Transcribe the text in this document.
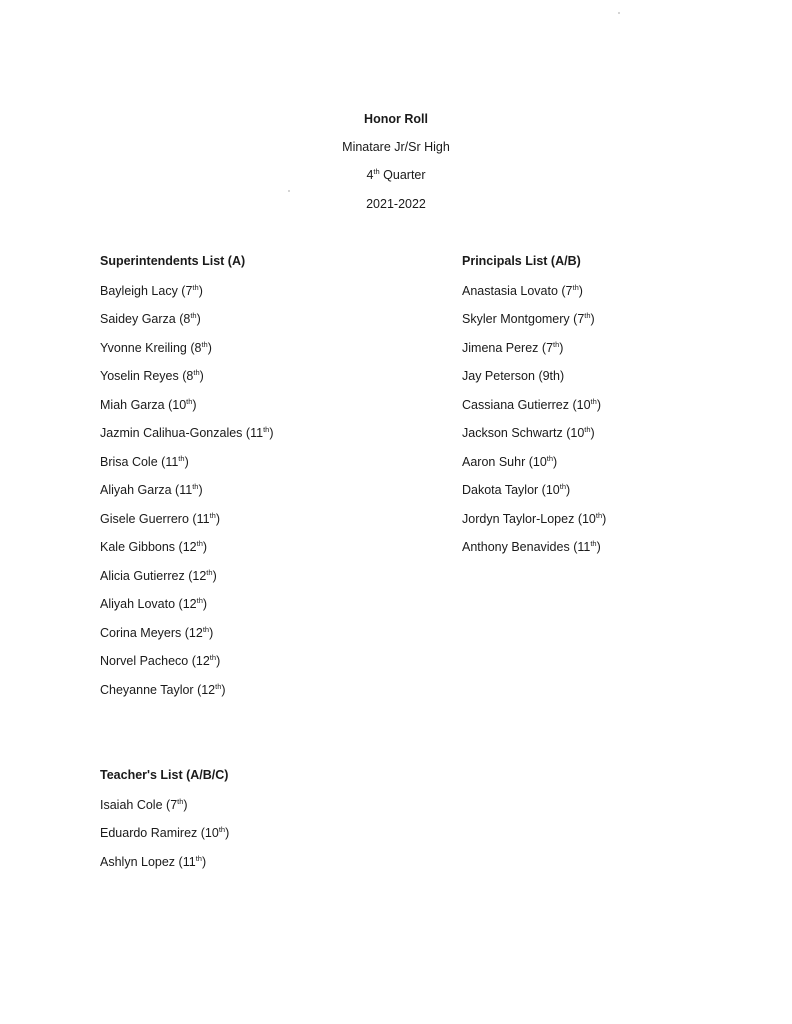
Honor Roll
Minatare Jr/Sr High
4th Quarter
2021-2022
Superintendents List (A)
Bayleigh Lacy (7th)
Saidey Garza (8th)
Yvonne Kreiling (8th)
Yoselin Reyes (8th)
Miah Garza (10th)
Jazmin Calihua-Gonzales (11th)
Brisa Cole (11th)
Aliyah Garza (11th)
Gisele Guerrero (11th)
Kale Gibbons (12th)
Alicia Gutierrez (12th)
Aliyah Lovato (12th)
Corina Meyers (12th)
Norvel Pacheco (12th)
Cheyanne Taylor (12th)
Principals List (A/B)
Anastasia Lovato (7th)
Skyler Montgomery (7th)
Jimena Perez (7th)
Jay Peterson (9th)
Cassiana Gutierrez (10th)
Jackson Schwartz (10th)
Aaron Suhr (10th)
Dakota Taylor (10th)
Jordyn Taylor-Lopez (10th)
Anthony Benavides (11th)
Teacher's List (A/B/C)
Isaiah Cole (7th)
Eduardo Ramirez (10th)
Ashlyn Lopez (11th)
